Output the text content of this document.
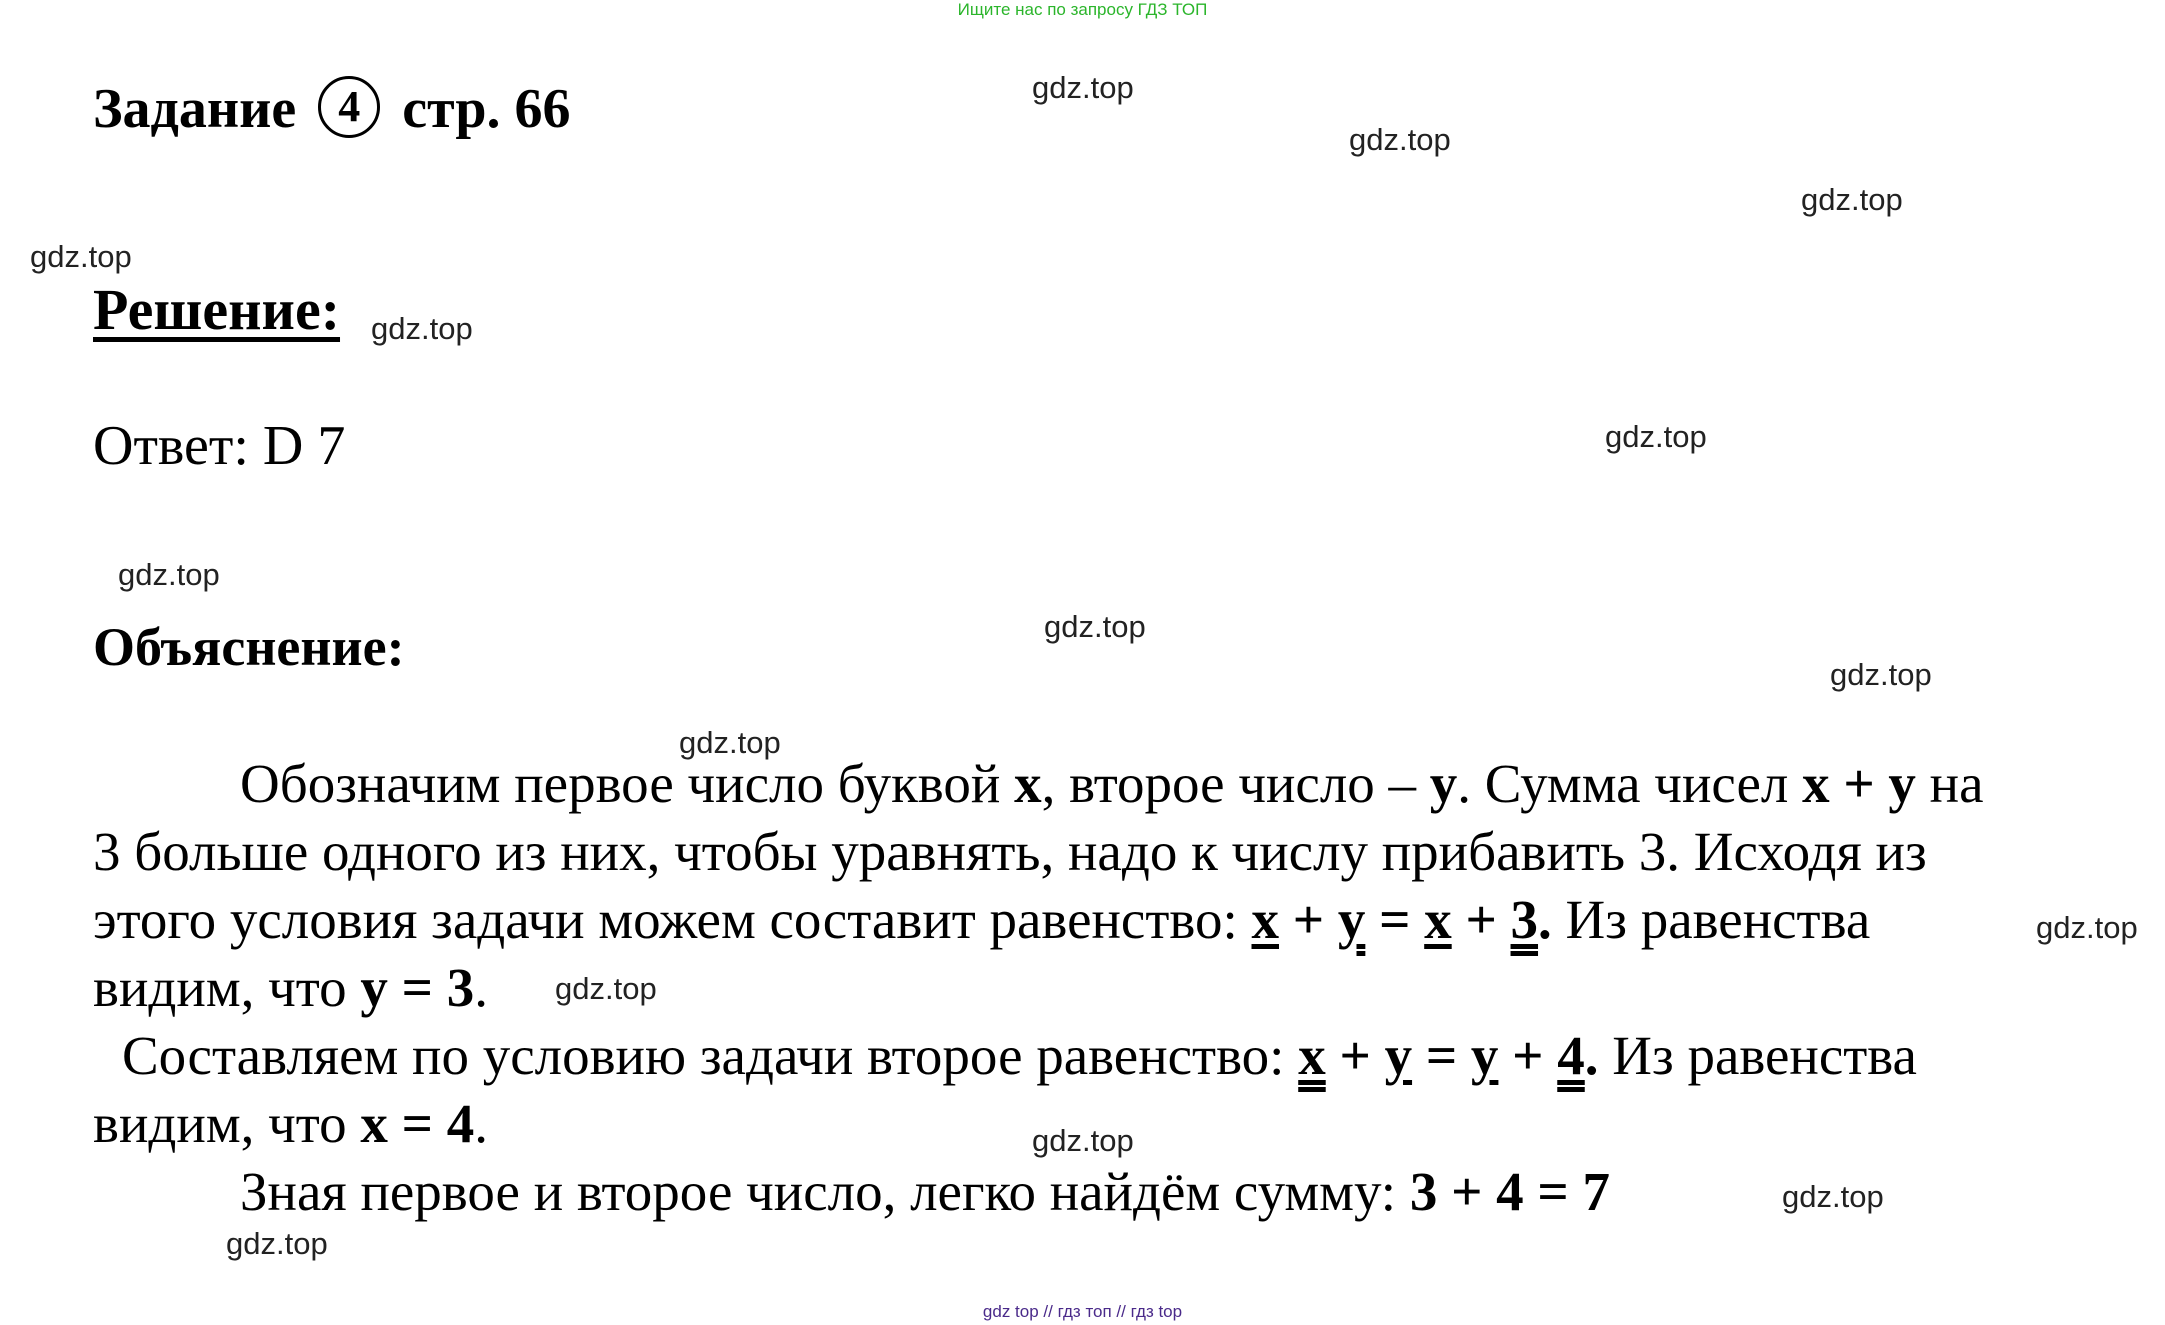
Ищите нас по запросу ГДЗ ТОП
Задание 4 стр. 66
Решение:
Ответ: D 7
Объяснение:
Обозначим первое число буквой x, второе число – y. Сумма чисел x + y на
3 больше одного из них, чтобы уравнять, надо к числу прибавить 3. Исходя из
этого условия задачи можем составит равенство: x + y = x + 3. Из равенства
видим, что y = 3.
Составляем по условию задачи второе равенство: x + y = y + 4. Из равенства
видим, что x = 4.
Зная первое и второе число, легко найдём сумму: 3 + 4 = 7
gdz.top
gdz.top
gdz.top
gdz.top
gdz.top
gdz.top
gdz.top
gdz.top
gdz.top
gdz.top
gdz.top
gdz.top
gdz.top
gdz.top
gdz.top
gdz top // гдз топ // гдз top
